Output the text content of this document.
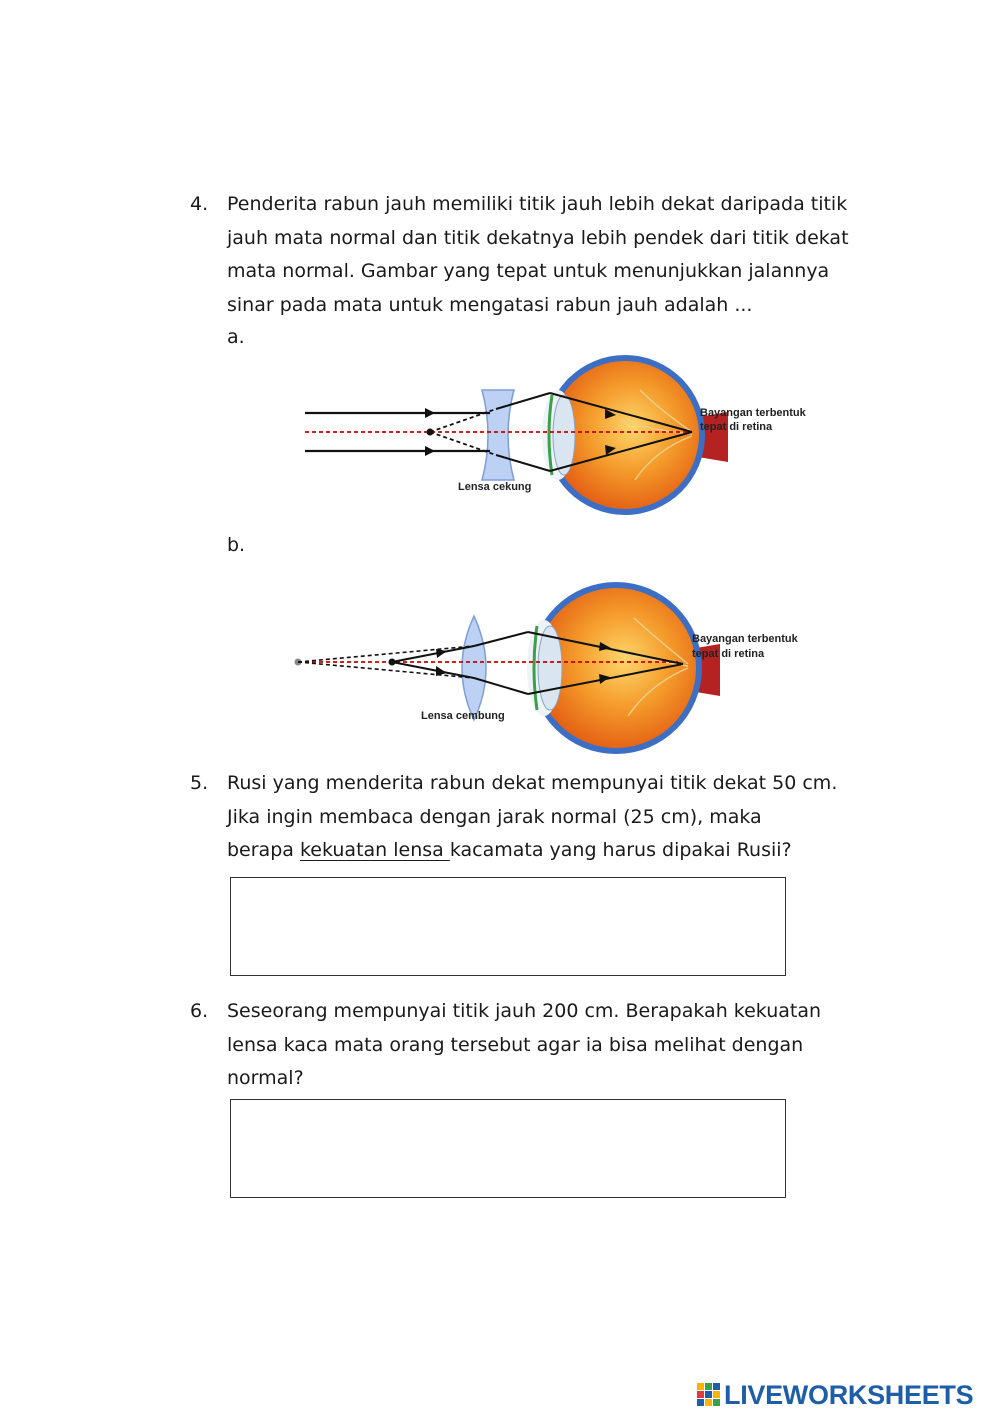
4. Penderita rabun jauh memiliki titik jauh lebih dekat daripada titik
jauh mata normal dan titik dekatnya lebih pendek dari titik dekat
mata normal. Gambar yang tepat untuk menunjukkan jalannya
sinar pada mata untuk mengatasi rabun jauh adalah ...
a.
Lensa cekung
Bayangan terbentuk
tepat di retina
b.
Lensa cembung
Bayangan terbentuk
tepat di retina
5. Rusi yang menderita rabun dekat mempunyai titik dekat 50 cm.
Jika ingin membaca dengan jarak normal (25 cm), maka
berapa kekuatan lensa kacamata yang harus dipakai Rusii?
6. Seseorang mempunyai titik jauh 200 cm. Berapakah kekuatan
lensa kaca mata orang tersebut agar ia bisa melihat dengan
normal?
LIVEWORKSHEETS
